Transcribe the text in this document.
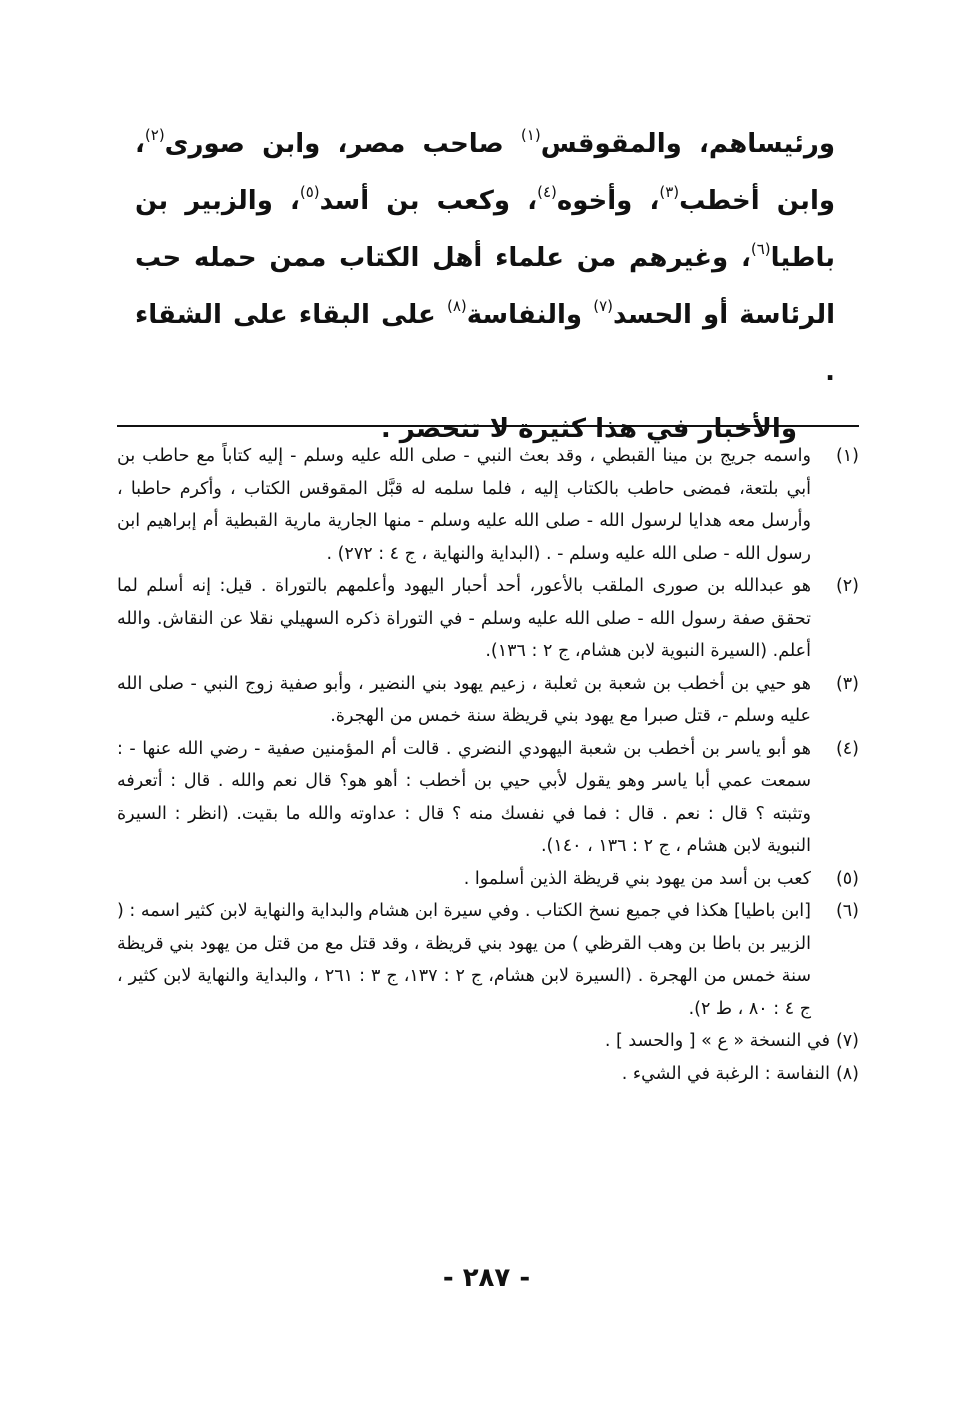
ورئيساهم، والمقوقس$^{(١)}$ صاحب مصر، وابن صورى$^{(٢)}$، وابن أخطب$^{(٣)}$، وأخوه$^{(٤)}$، وكعب بن أسد$^{(٥)}$، والزبير بن باطيا$^{(٦)}$، وغيرهم من علماء أهل الكتاب ممن حمله حب الرئاسة أو الحسد$^{(٧)}$ والنفاسة$^{(٨)}$ على البقاء على الشقاء .

والأخبار في هذا كثيرة لا تنحصر .

(١)
واسمه جريج بن مينا القبطي ، وقد بعث النبي - صلى الله عليه وسلم - إليه كتاباً مع حاطب بن أبي بلتعة، فمضى حاطب بالكتاب إليه ، فلما سلمه له قبَّل المقوقس الكتاب ، وأكرم حاطبا ، وأرسل معه هدايا لرسول الله - صلى الله عليه وسلم - منها الجارية مارية القبطية أم إبراهيم ابن رسول الله - صلى الله عليه وسلم - . (البداية والنهاية ، ج ٤ : ٢٧٢) .
(٢)
هو عبدالله بن صورى الملقب بالأعور، أحد أحبار اليهود وأعلمهم بالتوراة . قيل: إنه أسلم لما تحقق صفة رسول الله - صلى الله عليه وسلم - في التوراة ذكره السهيلي نقلا عن النقاش. والله أعلم. (السيرة النبوية لابن هشام، ج ٢ : ١٣٦).
(٣)
هو حيي بن أخطب بن شعبة بن ثعلبة ، زعيم يهود بني النضير ، وأبو صفية زوج النبي - صلى الله عليه وسلم -، قتل صبرا مع يهود بني قريظة سنة خمس من الهجرة.
(٤)
هو أبو ياسر بن أخطب بن شعبة اليهودي النضري . قالت أم المؤمنين صفية - رضي الله عنها - : سمعت عمي أبا ياسر وهو يقول لأبي حيي بن أخطب : أهو هو؟ قال نعم والله . قال : أتعرفه وتثبته ؟ قال : نعم . قال : فما في نفسك منه ؟ قال : عداوته والله ما بقيت. (انظر : السيرة النبوية لابن هشام ، ج ٢ : ١٣٦ ، ١٤٠).
(٥)
كعب بن أسد من يهود بني قريظة الذين أسلموا .
(٦)
[ابن باطيا] هكذا في جميع نسخ الكتاب . وفي سيرة ابن هشام والبداية والنهاية لابن كثير اسمه : ( الزبير بن باطا بن وهب القرظي ) من يهود بني قريظة ، وقد قتل مع من قتل من يهود بني قريظة سنة خمس من الهجرة . (السيرة لابن هشام، ج ٢ : ١٣٧، ج ٣ : ٢٦١ ، والبداية والنهاية لابن كثير ، ج ٤ : ٨٠ ، ط ٢).
(٧)
في النسخة « ع » [ والحسد ] .
(٨)
النفاسة : الرغبة في الشيء .
- ٢٨٧ -
